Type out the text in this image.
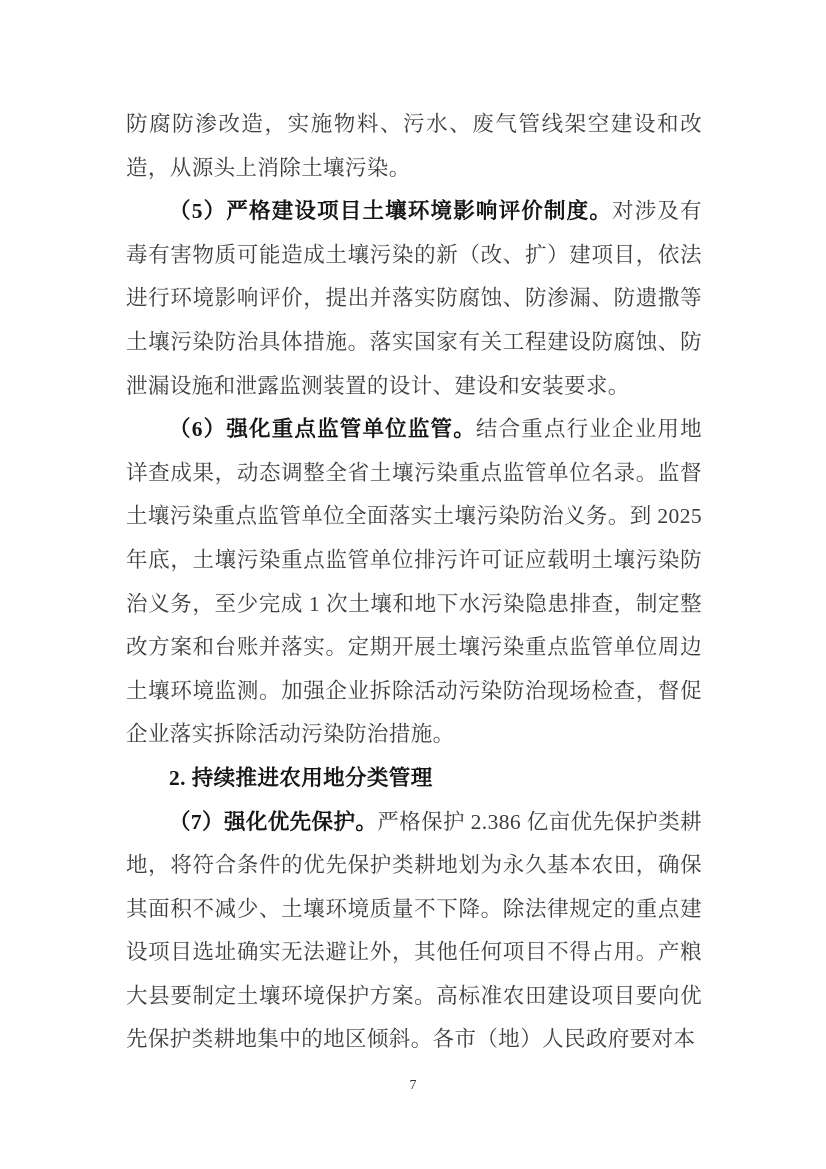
防腐防渗改造，实施物料、污水、废气管线架空建设和改造，从源头上消除土壤污染。

（5）严格建设项目土壤环境影响评价制度。对涉及有毒有害物质可能造成土壤污染的新（改、扩）建项目，依法进行环境影响评价，提出并落实防腐蚀、防渗漏、防遗撒等土壤污染防治具体措施。落实国家有关工程建设防腐蚀、防泄漏设施和泄露监测装置的设计、建设和安装要求。

（6）强化重点监管单位监管。结合重点行业企业用地详查成果，动态调整全省土壤污染重点监管单位名录。监督土壤污染重点监管单位全面落实土壤污染防治义务。到 2025 年底，土壤污染重点监管单位排污许可证应载明土壤污染防治义务，至少完成 1 次土壤和地下水污染隐患排查，制定整改方案和台账并落实。定期开展土壤污染重点监管单位周边土壤环境监测。加强企业拆除活动污染防治现场检查，督促企业落实拆除活动污染防治措施。

2. 持续推进农用地分类管理

（7）强化优先保护。严格保护 2.386 亿亩优先保护类耕地，将符合条件的优先保护类耕地划为永久基本农田，确保其面积不减少、土壤环境质量不下降。除法律规定的重点建设项目选址确实无法避让外，其他任何项目不得占用。产粮大县要制定土壤环境保护方案。高标准农田建设项目要向优先保护类耕地集中的地区倾斜。各市（地）人民政府要对本

7
